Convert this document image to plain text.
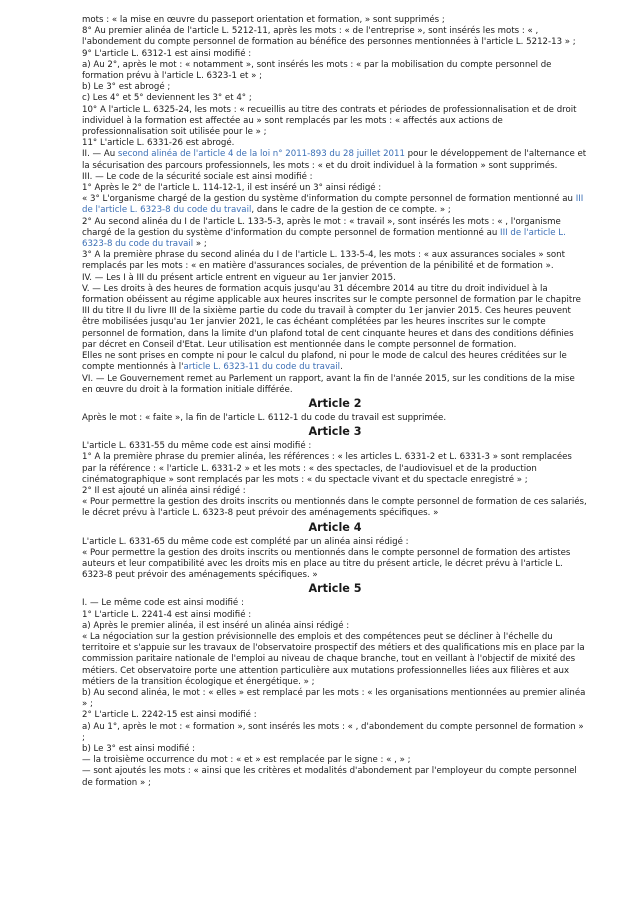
mots : « la mise en œuvre du passeport orientation et formation, » sont supprimés ;
8° Au premier alinéa de l'article L. 5212-11, après les mots : « de l'entreprise », sont insérés les mots : « , l'abondement du compte personnel de formation au bénéfice des personnes mentionnées à l'article L. 5212-13 » ;
9° L'article L. 6312-1 est ainsi modifié :
a) Au 2°, après le mot : « notamment », sont insérés les mots : « par la mobilisation du compte personnel de formation prévu à l'article L. 6323-1 et » ;
b) Le 3° est abrogé ;
c) Les 4° et 5° deviennent les 3° et 4° ;
10° A l'article L. 6325-24, les mots : « recueillis au titre des contrats et périodes de professionnalisation et de droit individuel à la formation est affectée au » sont remplacés par les mots : « affectés aux actions de professionnalisation soit utilisée pour le » ;
11° L'article L. 6331-26 est abrogé.
II. — Au second alinéa de l'article 4 de la loi n° 2011-893 du 28 juillet 2011 pour le développement de l'alternance et la sécurisation des parcours professionnels, les mots : « et du droit individuel à la formation » sont supprimés.
III. — Le code de la sécurité sociale est ainsi modifié :
1° Après le 2° de l'article L. 114-12-1, il est inséré un 3° ainsi rédigé :
« 3° L'organisme chargé de la gestion du système d'information du compte personnel de formation mentionné au III de l'article L. 6323-8 du code du travail, dans le cadre de la gestion de ce compte. » ;
2° Au second alinéa du I de l'article L. 133-5-3, après le mot : « travail », sont insérés les mots : « , l'organisme chargé de la gestion du système d'information du compte personnel de formation mentionné au III de l'article L. 6323-8 du code du travail » ;
3° A la première phrase du second alinéa du I de l'article L. 133-5-4, les mots : « aux assurances sociales » sont remplacés par les mots : « en matière d'assurances sociales, de prévention de la pénibilité et de formation ».
IV. — Les I à III du présent article entrent en vigueur au 1er janvier 2015.
V. — Les droits à des heures de formation acquis jusqu'au 31 décembre 2014 au titre du droit individuel à la formation obéissent au régime applicable aux heures inscrites sur le compte personnel de formation par le chapitre III du titre II du livre III de la sixième partie du code du travail à compter du 1er janvier 2015. Ces heures peuvent être mobilisées jusqu'au 1er janvier 2021, le cas échéant complétées par les heures inscrites sur le compte personnel de formation, dans la limite d'un plafond total de cent cinquante heures et dans des conditions définies par décret en Conseil d'Etat. Leur utilisation est mentionnée dans le compte personnel de formation.
Elles ne sont prises en compte ni pour le calcul du plafond, ni pour le mode de calcul des heures créditées sur le compte mentionnés à l'article L. 6323-11 du code du travail.
VI. — Le Gouvernement remet au Parlement un rapport, avant la fin de l'année 2015, sur les conditions de la mise en œuvre du droit à la formation initiale différée.
Article 2
Après le mot : « faite », la fin de l'article L. 6112-1 du code du travail est supprimée.
Article 3
L'article L. 6331-55 du même code est ainsi modifié :
1° A la première phrase du premier alinéa, les références : « les articles L. 6331-2 et L. 6331-3 » sont remplacées par la référence : « l'article L. 6331-2 » et les mots : « des spectacles, de l'audiovisuel et de la production cinématographique » sont remplacés par les mots : « du spectacle vivant et du spectacle enregistré » ;
2° Il est ajouté un alinéa ainsi rédigé :
« Pour permettre la gestion des droits inscrits ou mentionnés dans le compte personnel de formation de ces salariés, le décret prévu à l'article L. 6323-8 peut prévoir des aménagements spécifiques. »
Article 4
L'article L. 6331-65 du même code est complété par un alinéa ainsi rédigé :
« Pour permettre la gestion des droits inscrits ou mentionnés dans le compte personnel de formation des artistes auteurs et leur compatibilité avec les droits mis en place au titre du présent article, le décret prévu à l'article L. 6323-8 peut prévoir des aménagements spécifiques. »
Article 5
I. — Le même code est ainsi modifié :
1° L'article L. 2241-4 est ainsi modifié :
a) Après le premier alinéa, il est inséré un alinéa ainsi rédigé :
« La négociation sur la gestion prévisionnelle des emplois et des compétences peut se décliner à l'échelle du territoire et s'appuie sur les travaux de l'observatoire prospectif des métiers et des qualifications mis en place par la commission paritaire nationale de l'emploi au niveau de chaque branche, tout en veillant à l'objectif de mixité des métiers. Cet observatoire porte une attention particulière aux mutations professionnelles liées aux filières et aux métiers de la transition écologique et énergétique. » ;
b) Au second alinéa, le mot : « elles » est remplacé par les mots : « les organisations mentionnées au premier alinéa » ;
2° L'article L. 2242-15 est ainsi modifié :
a) Au 1°, après le mot : « formation », sont insérés les mots : « , d'abondement du compte personnel de formation » ;
b) Le 3° est ainsi modifié :
— la troisième occurrence du mot : « et » est remplacée par le signe : « , » ;
— sont ajoutés les mots : « ainsi que les critères et modalités d'abondement par l'employeur du compte personnel de formation » ;
